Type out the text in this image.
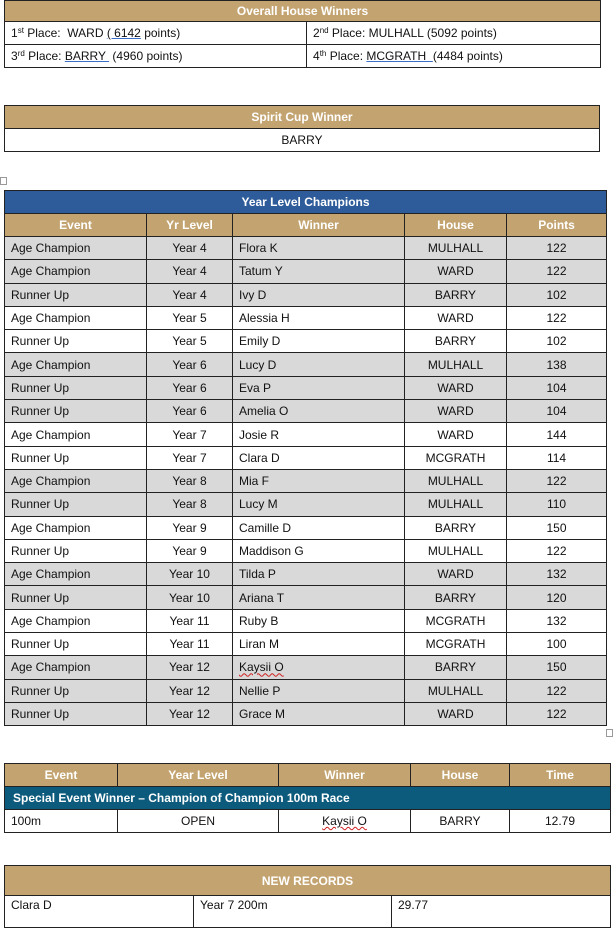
Overall House Winners	
1st Place:  WARD ( 6142 points)	2nd Place: MULHALL (5092 points)
3rd Place: BARRY  (4960 points)	4th Place: MCGRATH  (4484 points)
Spirit Cup Winner
BARRY
Year Level Champions				
Event	Yr Level	Winner	House	Points
Age Champion	Year 4	Flora K	MULHALL	122
Age Champion	Year 4	Tatum Y	WARD	122
Runner Up	Year 4	Ivy D	BARRY	102
Age Champion	Year 5	Alessia H	WARD	122
Runner Up	Year 5	Emily D	BARRY	102
Age Champion	Year 6	Lucy D	MULHALL	138
Runner Up	Year 6	Eva P	WARD	104
Runner Up	Year 6	Amelia O	WARD	104
Age Champion	Year 7	Josie R	WARD	144
Runner Up	Year 7	Clara D	MCGRATH	114
Age Champion	Year 8	Mia F	MULHALL	122
Runner Up	Year 8	Lucy M	MULHALL	110
Age Champion	Year 9	Camille D	BARRY	150
Runner Up	Year 9	Maddison G	MULHALL	122
Age Champion	Year 10	Tilda P	WARD	132
Runner Up	Year 10	Ariana T	BARRY	120
Age Champion	Year 11	Ruby B	MCGRATH	132
Runner Up	Year 11	Liran M	MCGRATH	100
Age Champion	Year 12	Kaysii O	BARRY	150
Runner Up	Year 12	Nellie P	MULHALL	122
Runner Up	Year 12	Grace M	WARD	122
Event	Year Level	Winner	House	Time
Special Event Winner – Champion of Champion 100m Race				
100m	OPEN	Kaysii O	BARRY	12.79
NEW RECORDS
Clara D	Year 7 200m	29.77
